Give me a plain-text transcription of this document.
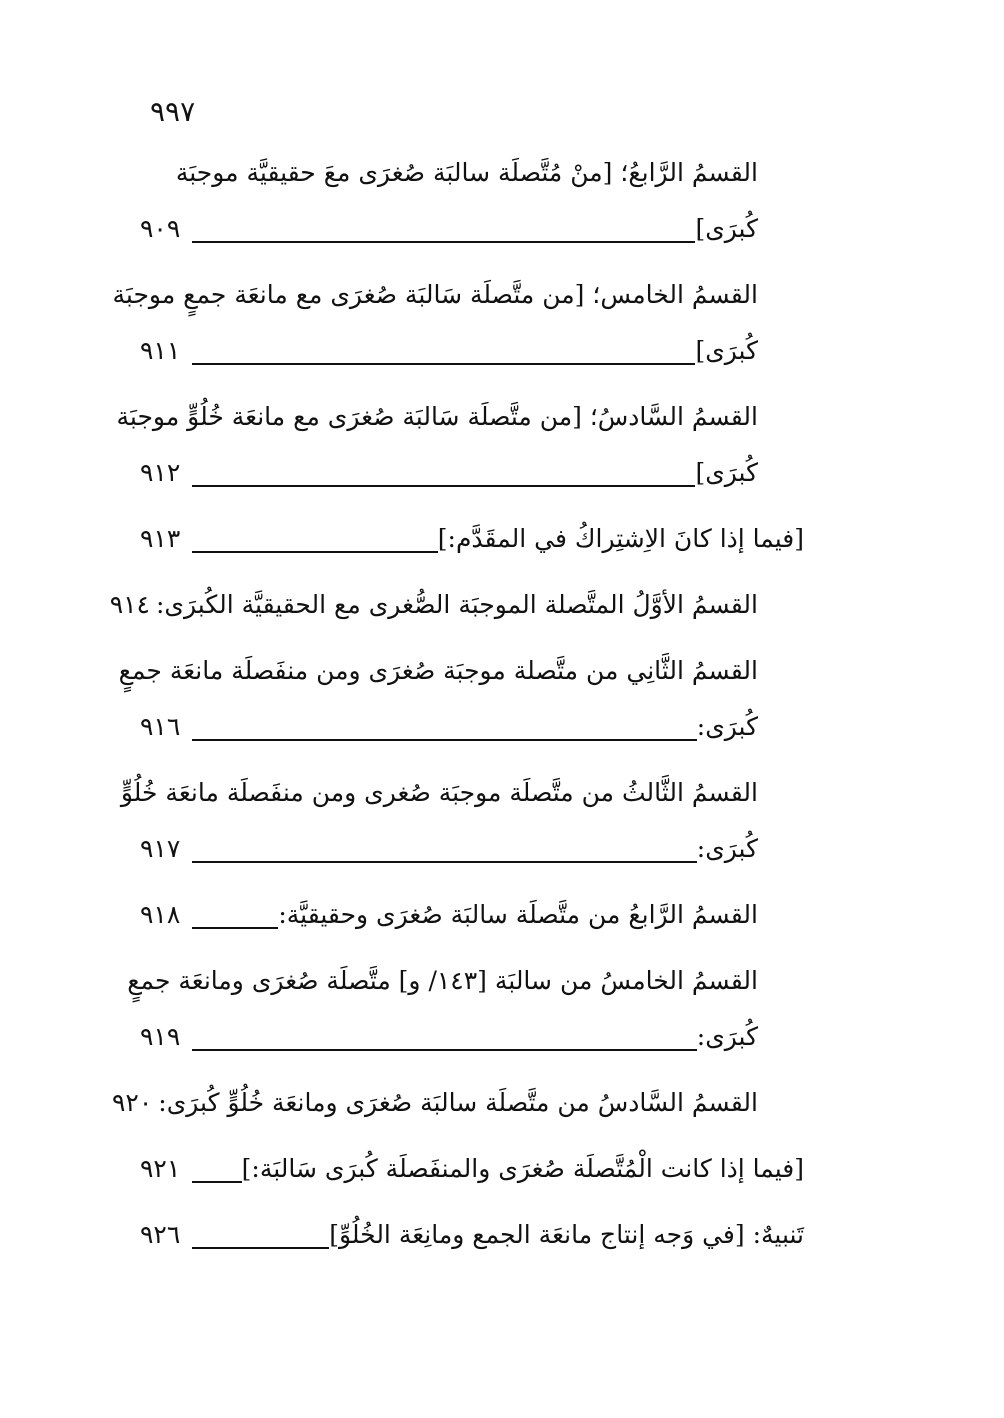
٩٩٧
القسمُ الرَّابعُ؛ [منْ مُتَّصلَة سالبَة صُغرَى معَ حقيقيَّة موجبَة
كُبرَى]
٩٠٩
القسمُ الخامس؛ [من متَّصلَة سَالبَة صُغرَى مع مانعَة جمعٍ موجبَة
كُبرَى]
٩١١
القسمُ السَّادسُ؛ [من متَّصلَة سَالبَة صُغرَى مع مانعَة خُلُوٍّ موجبَة
كُبرَى]
٩١٢
[فيما إذا كانَ الاِشتِراكُ في المقَدَّم:]
٩١٣
القسمُ الأوَّلُ المتَّصلة الموجبَة الصُّغرى مع الحقيقيَّة الكُبرَى:
٩١٤
القسمُ الثَّانِي من متَّصلة موجبَة صُغرَى ومن منفَصلَة مانعَة جمعٍ
كُبرَى:
٩١٦
القسمُ الثَّالثُ من متَّصلَة موجبَة صُغرى ومن منفَصلَة مانعَة خُلُوٍّ
كُبرَى:
٩١٧
القسمُ الرَّابعُ من متَّصلَة سالبَة صُغرَى وحقيقيَّة:
٩١٨
القسمُ الخامسُ من سالبَة [١٤٣/ و] متَّصلَة صُغرَى ومانعَة جمعٍ
كُبرَى:
٩١٩
القسمُ السَّادسُ من متَّصلَة سالبَة صُغرَى ومانعَة خُلُوٍّ كُبرَى:
٩٢٠
[فيما إذا كانت الْمُتَّصلَة صُغرَى والمنفَصلَة كُبرَى سَالبَة:]
٩٢١
تَنبيهٌ: [في وَجه إنتاج مانعَة الجمع ومانِعَة الخُلُوِّ]
٩٢٦
